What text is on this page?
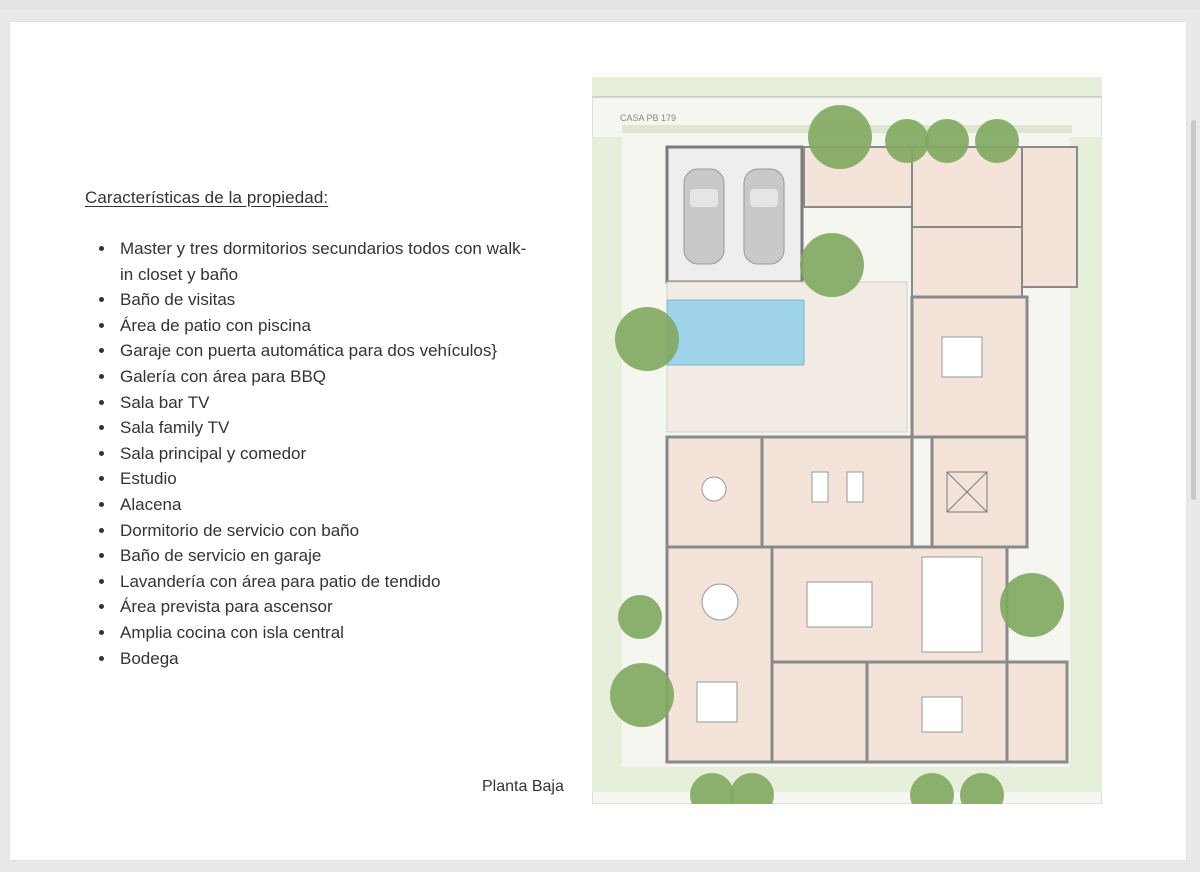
Características de la propiedad:
• Master y tres dormitorios secundarios todos con walk-in closet y baño
• Baño de visitas
• Área de patio con piscina
• Garaje con puerta automática para dos vehículos}
• Galería con área para BBQ
• Sala bar TV
• Sala family TV
• Sala principal y comedor
• Estudio
• Alacena
• Dormitorio de servicio con baño
• Baño de servicio en garaje
• Lavandería con área para patio de tendido
• Área prevista para ascensor
• Amplia cocina con isla central
• Bodega
Planta Baja
CASA PB 179
